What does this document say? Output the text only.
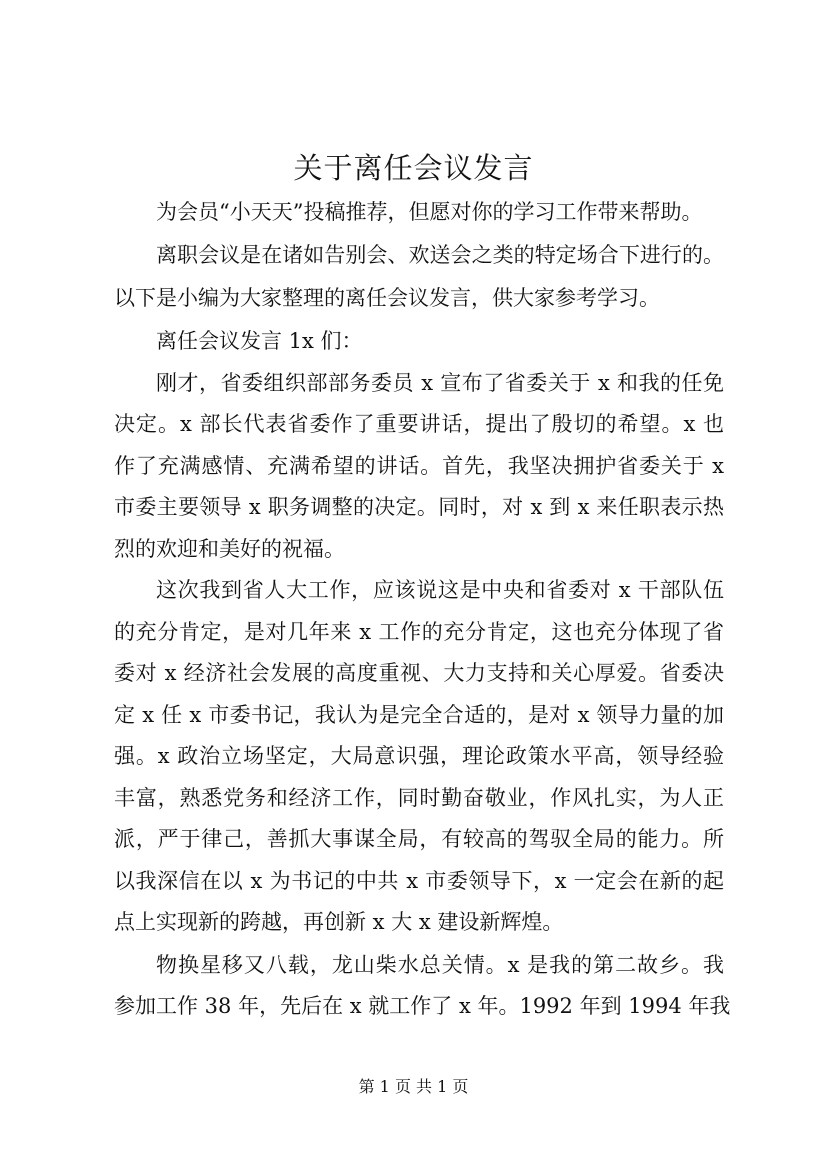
关于离任会议发言

为会员“小天天”投稿推荐，但愿对你的学习工作带来帮助。

离职会议是在诸如告别会、欢送会之类的特定场合下进行的。

以下是小编为大家整理的离任会议发言，供大家参考学习。

离任会议发言 1x 们：

刚才，省委组织部部务委员 x 宣布了省委关于 x 和我的任免

决定。x 部长代表省委作了重要讲话，提出了殷切的希望。x 也

作了充满感情、充满希望的讲话。首先，我坚决拥护省委关于 x

市委主要领导 x 职务调整的决定。同时，对 x 到 x 来任职表示热

烈的欢迎和美好的祝福。

这次我到省人大工作，应该说这是中央和省委对 x 干部队伍

的充分肯定，是对几年来 x 工作的充分肯定，这也充分体现了省

委对 x 经济社会发展的高度重视、大力支持和关心厚爱。省委决

定 x 任 x 市委书记，我认为是完全合适的，是对 x 领导力量的加

强。x 政治立场坚定，大局意识强，理论政策水平高，领导经验

丰富，熟悉党务和经济工作，同时勤奋敬业，作风扎实，为人正

派，严于律己，善抓大事谋全局，有较高的驾驭全局的能力。所

以我深信在以 x 为书记的中共 x 市委领导下，x 一定会在新的起

点上实现新的跨越，再创新 x 大 x 建设新辉煌。

物换星移又八载，龙山柴水总关情。x 是我的第二故乡。我

参加工作 38 年，先后在 x 就工作了 x 年。1992 年到 1994 年我

第 1 页 共 1 页
